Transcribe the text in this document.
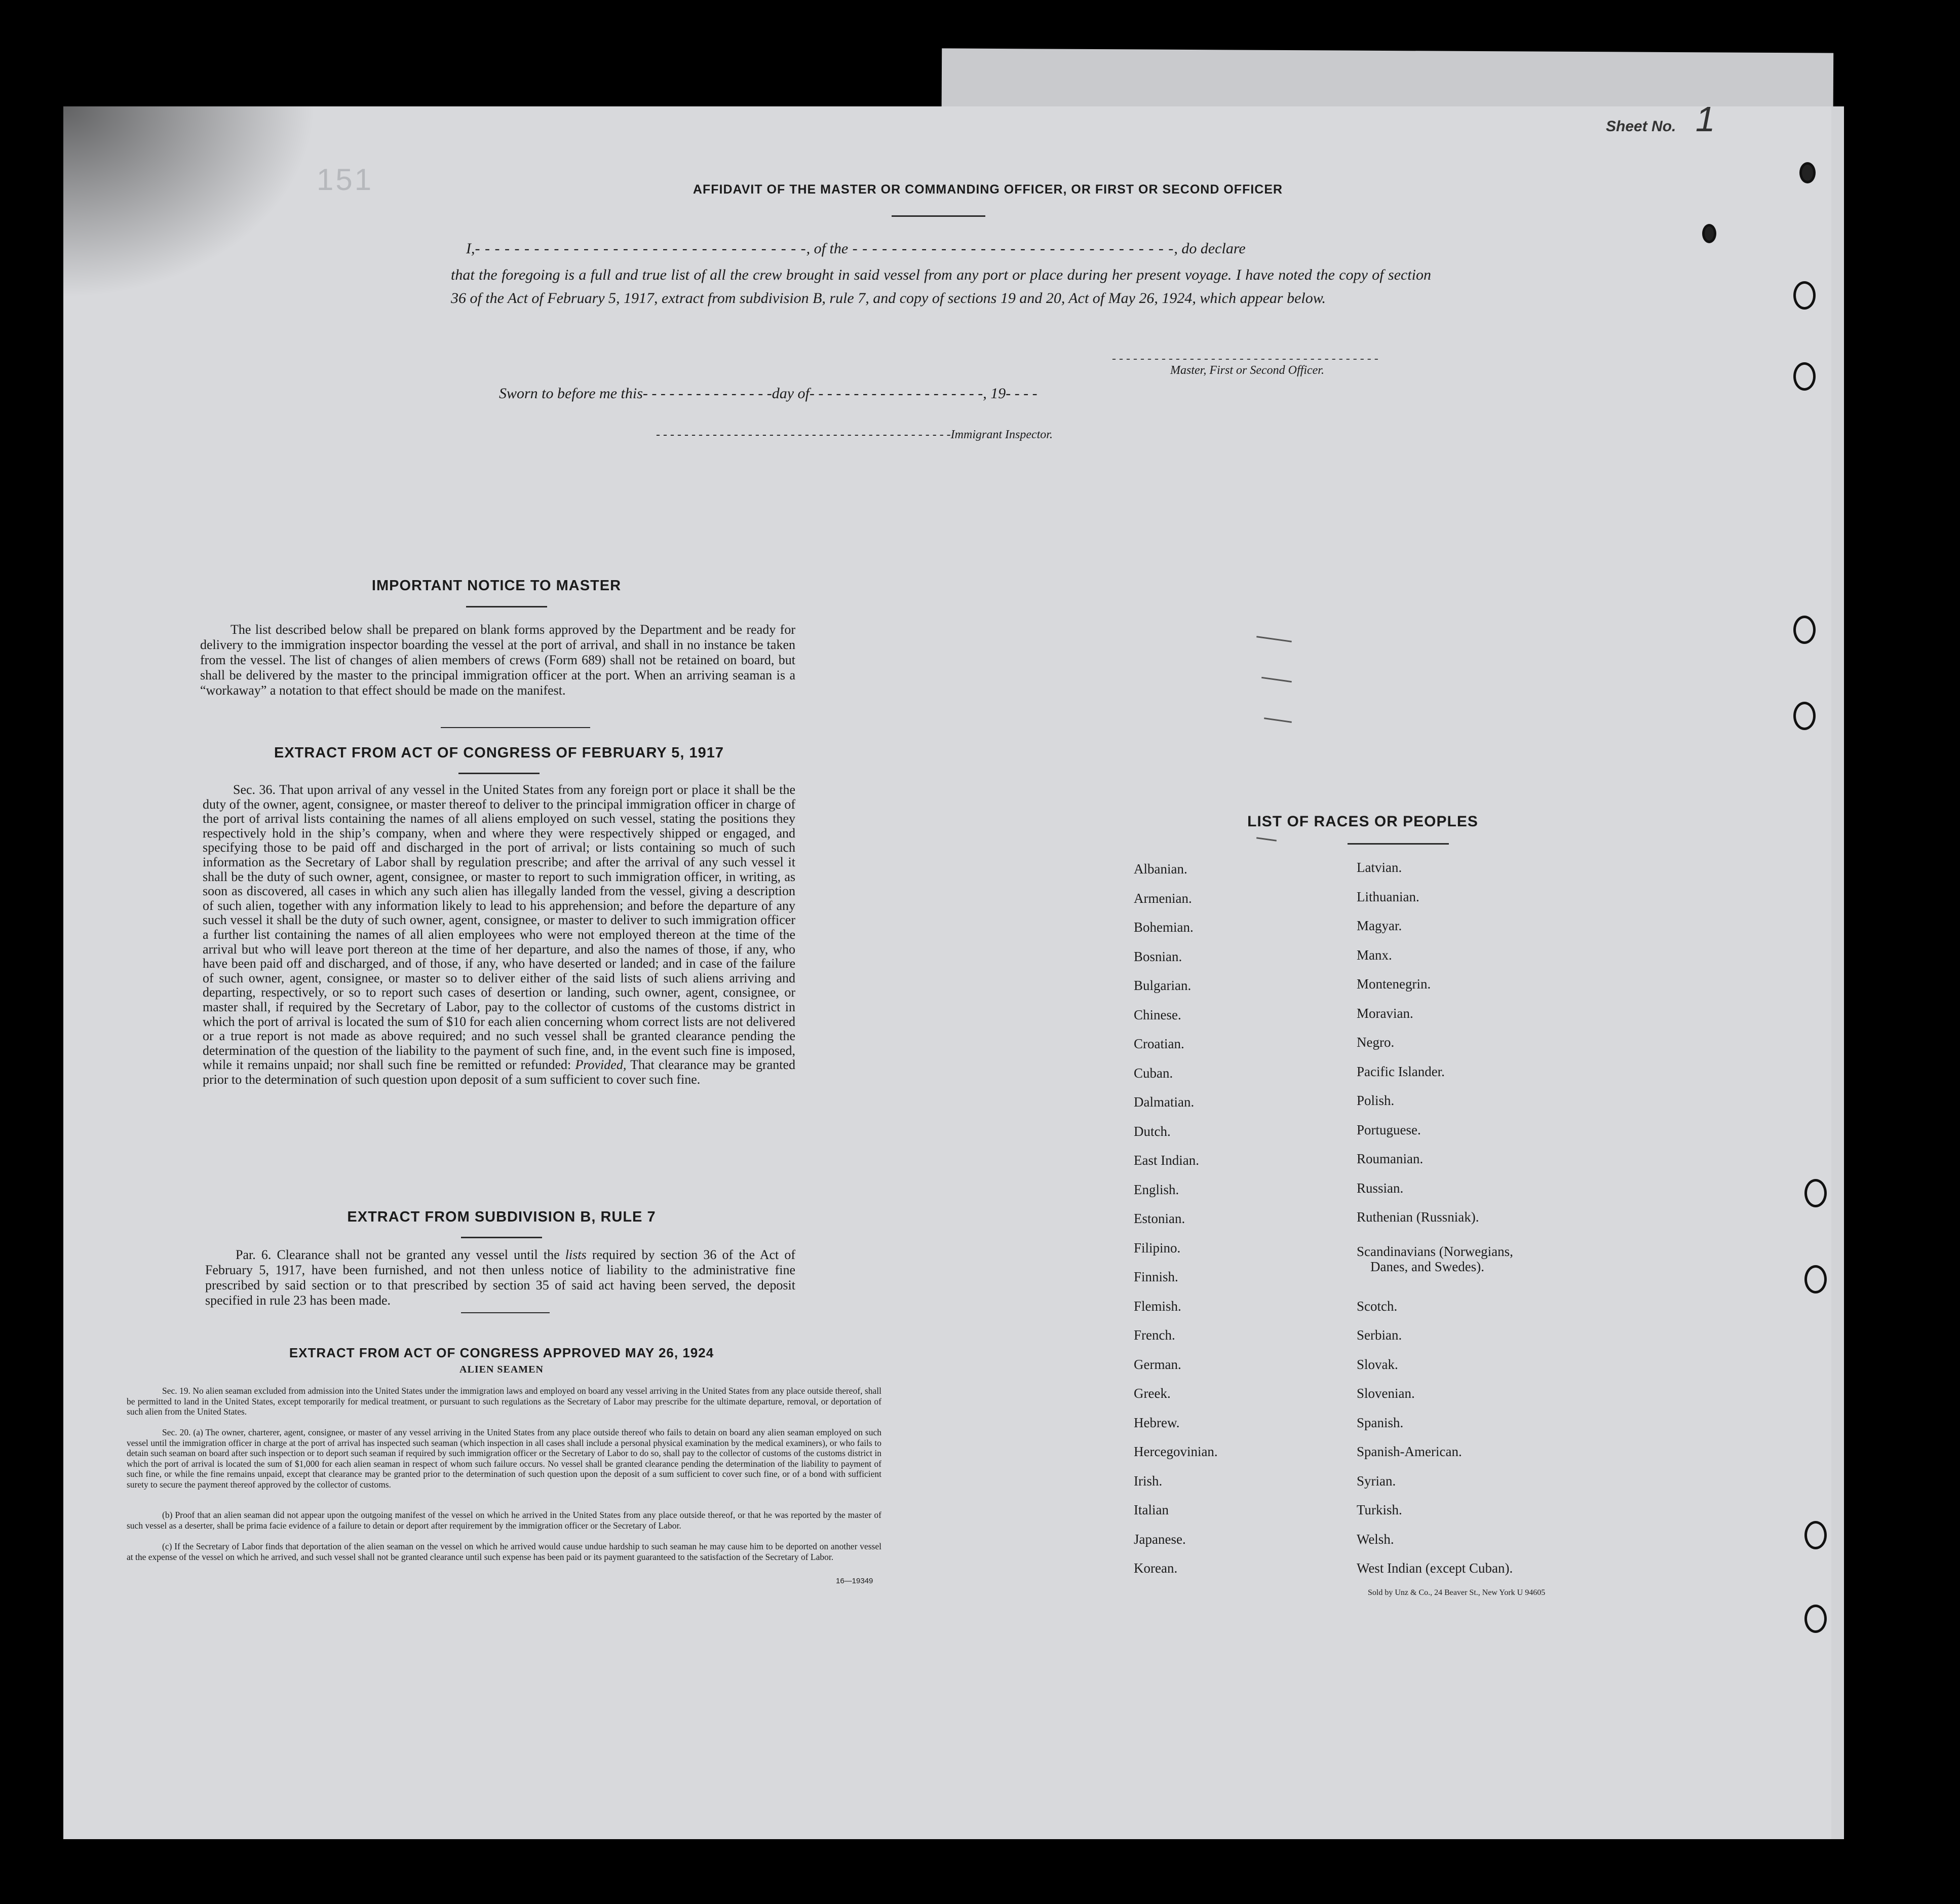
Sheet No. 1
151	AFFIDAVIT OF THE MASTER OR COMMANDING OFFICER, OR FIRST OR SECOND OFFICER
I,- - - - - - - - - - - - - - - - - - - - - - - - - - - - - - - - - -, of the - - - - - - - - - - - - - - - - - - - - - - - - - - - - - - - - -, do declare
that the foregoing is a full and true list of all the crew brought in said vessel from any port or place during her present voyage. I have noted the copy of section 36 of the Act of February 5, 1917, extract from subdivision B, rule 7, and copy of sections 19 and 20, Act of May 26, 1924, which appear below.
- - - - - - - - - - - - - - - - - - - - - - - - - - - - - - - - - - - - - -
Master, First or Second Officer.
Sworn to before me this- - - - - - - - - - - - - - -day of- - - - - - - - - - - - - - - - - - - -, 19- - - -
- - - - - - - - - - - - - - - - - - - - - - - - - - - - - - - - - - - - - - - - - -Immigrant Inspector.
IMPORTANT NOTICE TO MASTER
The list described below shall be prepared on blank forms approved by the Department and be ready for delivery to the immigration inspector boarding the vessel at the port of arrival, and shall in no instance be taken from the vessel. The list of changes of alien members of crews (Form 689) shall not be retained on board, but shall be delivered by the master to the principal immigration officer at the port. When an arriving seaman is a “workaway” a notation to that effect should be made on the manifest.
EXTRACT FROM ACT OF CONGRESS OF FEBRUARY 5, 1917
Sec. 36. That upon arrival of any vessel in the United States from any foreign port or place it shall be the duty of the owner, agent, consignee, or master thereof to deliver to the principal immigration officer in charge of the port of arrival lists containing the names of all aliens employed on such vessel, stating the positions they respectively hold in the ship’s company, when and where they were respectively shipped or engaged, and specifying those to be paid off and discharged in the port of arrival; or lists containing so much of such information as the Secretary of Labor shall by regulation prescribe; and after the arrival of any such vessel it shall be the duty of such owner, agent, consignee, or master to report to such immigration officer, in writing, as soon as discovered, all cases in which any such alien has illegally landed from the vessel, giving a description of such alien, together with any information likely to lead to his apprehension; and before the departure of any such vessel it shall be the duty of such owner, agent, consignee, or master to deliver to such immigration officer a further list containing the names of all alien employees who were not employed thereon at the time of the arrival but who will leave port thereon at the time of her departure, and also the names of those, if any, who have been paid off and discharged, and of those, if any, who have deserted or landed; and in case of the failure of such owner, agent, consignee, or master so to deliver either of the said lists of such aliens arriving and departing, respectively, or so to report such cases of desertion or landing, such owner, agent, consignee, or master shall, if required by the Secretary of Labor, pay to the collector of customs of the customs district in which the port of arrival is located the sum of $10 for each alien concerning whom correct lists are not delivered or a true report is not made as above required; and no such vessel shall be granted clearance pending the determination of the question of the liability to the payment of such fine, and, in the event such fine is imposed, while it remains unpaid; nor shall such fine be remitted or refunded: Provided, That clearance may be granted prior to the determination of such question upon deposit of a sum sufficient to cover such fine.
EXTRACT FROM SUBDIVISION B, RULE 7
Par. 6. Clearance shall not be granted any vessel until the lists required by section 36 of the Act of February 5, 1917, have been furnished, and not then unless notice of liability to the administrative fine prescribed by said section or to that prescribed by section 35 of said act having been served, the deposit specified in rule 23 has been made.
EXTRACT FROM ACT OF CONGRESS APPROVED MAY 26, 1924
ALIEN SEAMEN
Sec. 19. No alien seaman excluded from admission into the United States under the immigration laws and employed on board any vessel arriving in the United States from any place outside thereof, shall be permitted to land in the United States, except temporarily for medical treatment, or pursuant to such regulations as the Secretary of Labor may prescribe for the ultimate departure, removal, or deportation of such alien from the United States.
Sec. 20. (a) The owner, charterer, agent, consignee, or master of any vessel arriving in the United States from any place outside thereof who fails to detain on board any alien seaman employed on such vessel until the immigration officer in charge at the port of arrival has inspected such seaman (which inspection in all cases shall include a personal physical examination by the medical examiners), or who fails to detain such seaman on board after such inspection or to deport such seaman if required by such immigration officer or the Secretary of Labor to do so, shall pay to the collector of customs of the customs district in which the port of arrival is located the sum of $1,000 for each alien seaman in respect of whom such failure occurs. No vessel shall be granted clearance pending the determination of the liability to payment of such fine, or while the fine remains unpaid, except that clearance may be granted prior to the determination of such question upon the deposit of a sum sufficient to cover such fine, or of a bond with sufficient surety to secure the payment thereof approved by the collector of customs.
(b) Proof that an alien seaman did not appear upon the outgoing manifest of the vessel on which he arrived in the United States from any place outside thereof, or that he was reported by the master of such vessel as a deserter, shall be prima facie evidence of a failure to detain or deport after requirement by the immigration officer or the Secretary of Labor.
(c) If the Secretary of Labor finds that deportation of the alien seaman on the vessel on which he arrived would cause undue hardship to such seaman he may cause him to be deported on another vessel at the expense of the vessel on which he arrived, and such vessel shall not be granted clearance until such expense has been paid or its payment guaranteed to the satisfaction of the Secretary of Labor.
16—19349
LIST OF RACES OR PEOPLES
Albanian.
Armenian.
Bohemian.
Bosnian.
Bulgarian.
Chinese.
Croatian.
Cuban.
Dalmatian.
Dutch.
East Indian.
English.
Estonian.
Filipino.
Finnish.
Flemish.
French.
German.
Greek.
Hebrew.
Hercegovinian.
Irish.
Italian
Japanese.
Korean.
Latvian.
Lithuanian.
Magyar.
Manx.
Montenegrin.
Moravian.
Negro.
Pacific Islander.
Polish.
Portuguese.
Roumanian.
Russian.
Ruthenian (Russniak).
Scandinavians (Norwegians,
Danes, and Swedes).
Scotch.
Serbian.
Slovak.
Slovenian.
Spanish.
Spanish-American.
Syrian.
Turkish.
Welsh.
West Indian (except Cuban).
Sold by Unz & Co., 24 Beaver St., New York U 94605
